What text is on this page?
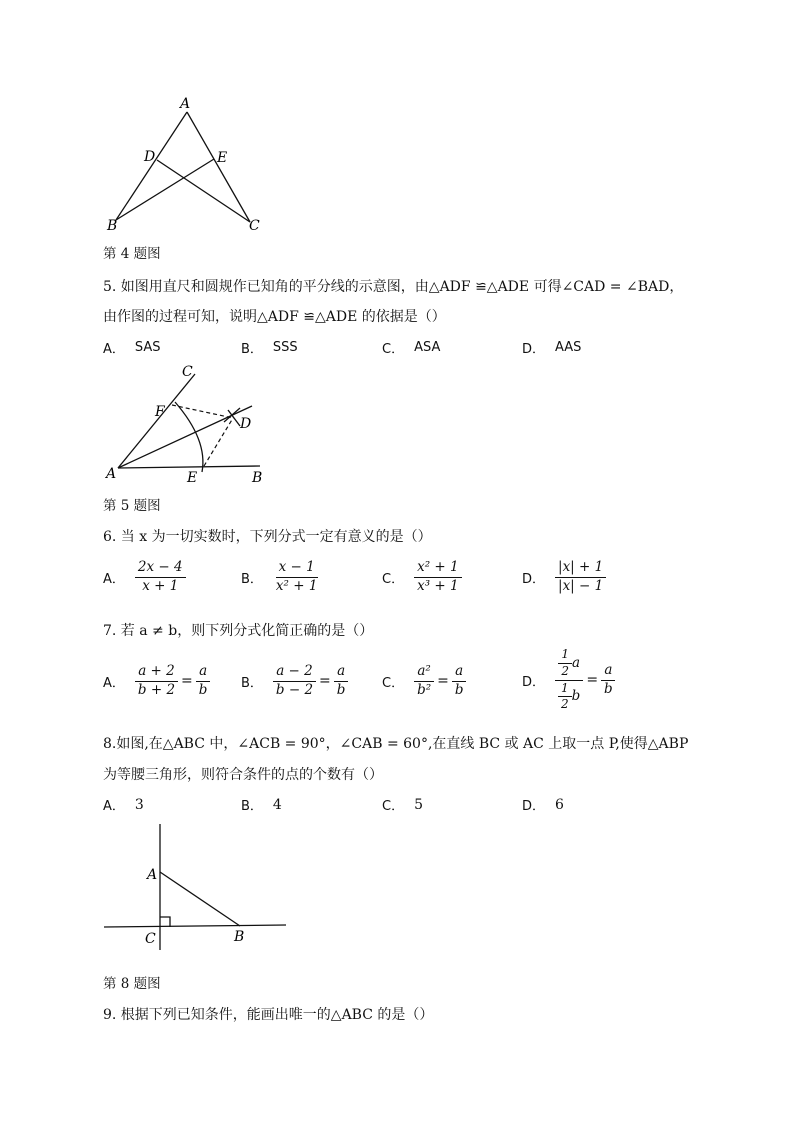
A
D	E
B	C
第 4 题图
5. 如图用直尺和圆规作已知角的平分线的示意图，由△ADF ≌△ADE 可得∠CAD = ∠BAD，
由作图的过程可知，说明△ADF ≌△ADE 的依据是（）
A． SAS	B． SSS	C． ASA	D． AAS
C
F
D
A	E	B
第 5 题图
6. 当 x 为一切实数时，下列分式一定有意义的是（）
A． $\frac{2x - 4}{x + 1}$	B． $\frac{x - 1}{\text{x² + 1}}$	C． $\frac{\text{x² + 1}}{\text{x³ + 1}}$	D． $\frac{|x| + 1}{|x| - 1}$
7. 若 a ≠ b，则下列分式化简正确的是（）
A． $\frac{a + 2}{b + 2} = \frac{a}{b}$ B． $\frac{a - 2}{b - 2} = \frac{a}{b}$	C． $\frac{\text{a²}}{\text{b²}} = \frac{a}{b}$	D． $\frac{\frac{1}{2} a}{\frac{1}{2} b} = \frac{a}{b}$
8.如图,在△ABC 中，∠ACB = 90°，∠CAB = 60°,在直线 BC 或 AC 上取一点 P,使得△ABP
为等腰三角形，则符合条件的点的个数有（）
A． 3	B． 4	C． 5	D． 6
A
C	B
第 8 题图
9. 根据下列已知条件，能画出唯一的△ABC 的是（）
